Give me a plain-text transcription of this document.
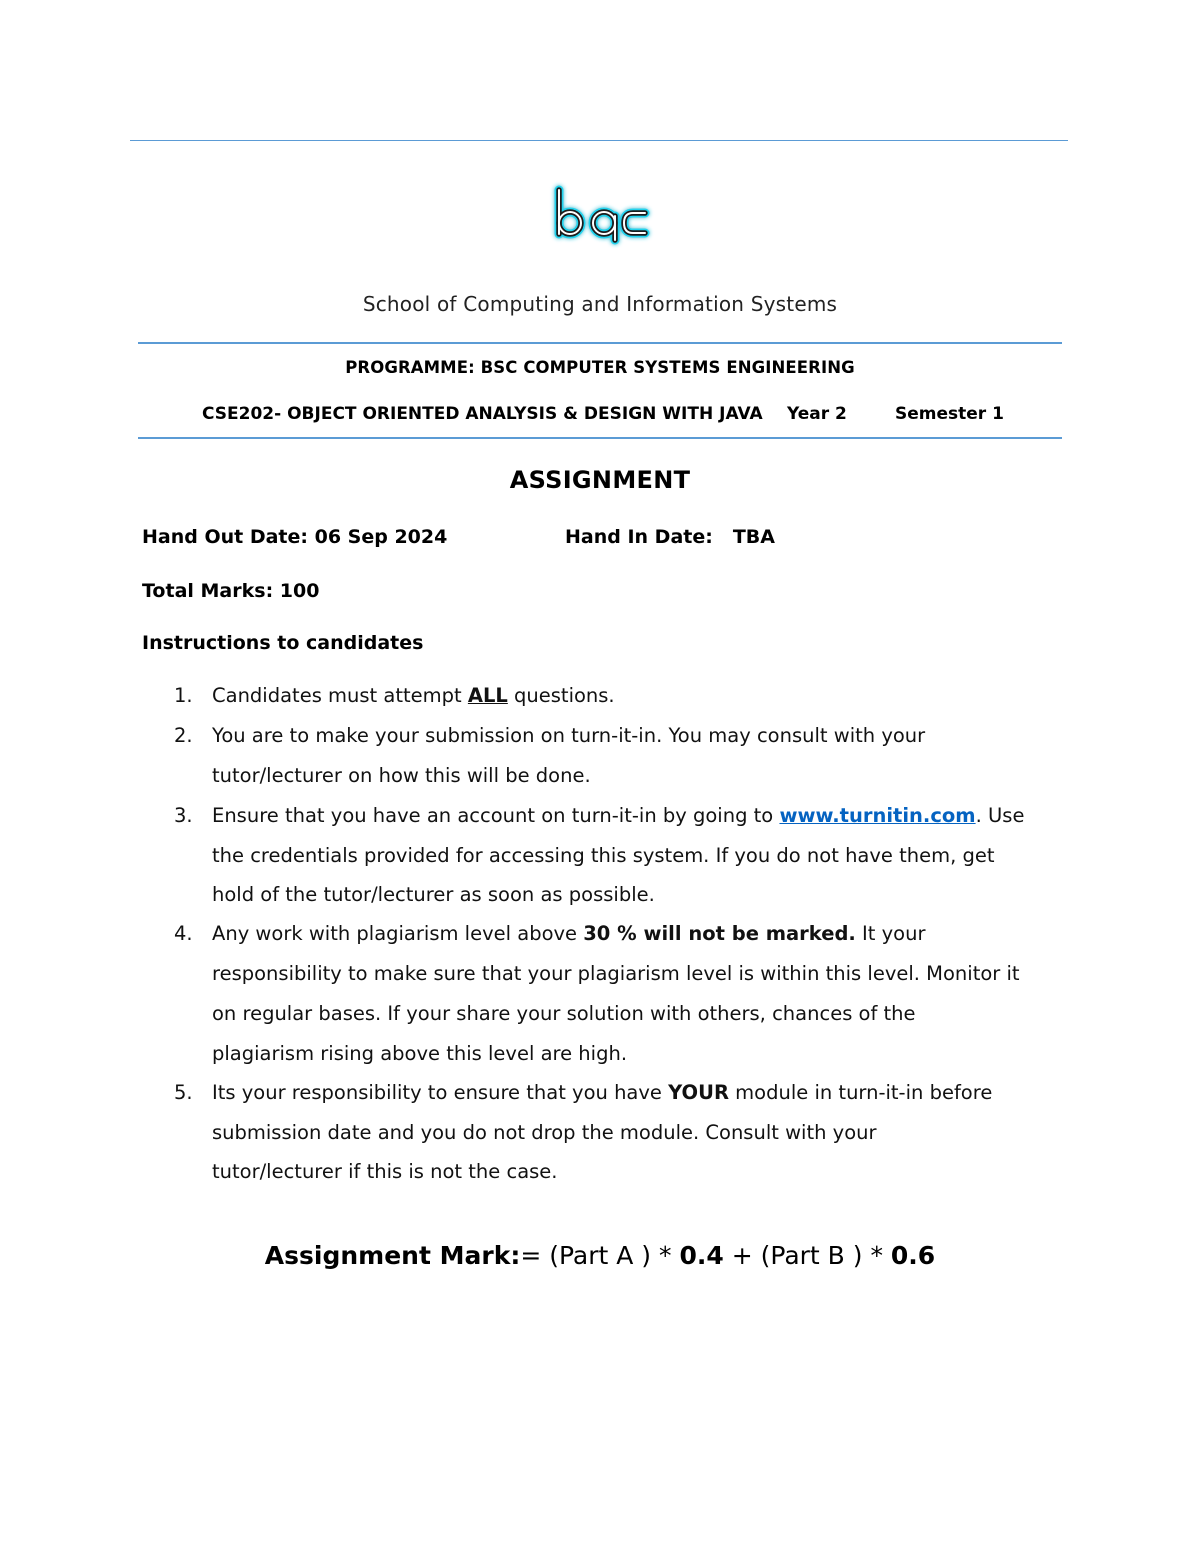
School of Computing and Information Systems
PROGRAMME: BSC COMPUTER SYSTEMS ENGINEERING
CSE202- OBJECT ORIENTED ANALYSIS & DESIGN WITH JAVA Year 2	Semester 1
ASSIGNMENT
Hand Out Date: 06 Sep 2024	Hand In Date: TBA
Total Marks: 100
Instructions to candidates
1. Candidates must attempt ALL questions.
2. You are to make your submission on turn-it-in. You may consult with your
tutor/lecturer on how this will be done.
3. Ensure that you have an account on turn-it-in by going to www.turnitin.com. Use
the credentials provided for accessing this system. If you do not have them, get
hold of the tutor/lecturer as soon as possible.
4. Any work with plagiarism level above 30 % will not be marked. It your
responsibility to make sure that your plagiarism level is within this level. Monitor it
on regular bases. If your share your solution with others, chances of the
plagiarism rising above this level are high.
5. Its your responsibility to ensure that you have YOUR module in turn-it-in before
submission date and you do not drop the module. Consult with your
tutor/lecturer if this is not the case.
Assignment Mark:= (Part A ) * 0.4 + (Part B ) * 0.6
